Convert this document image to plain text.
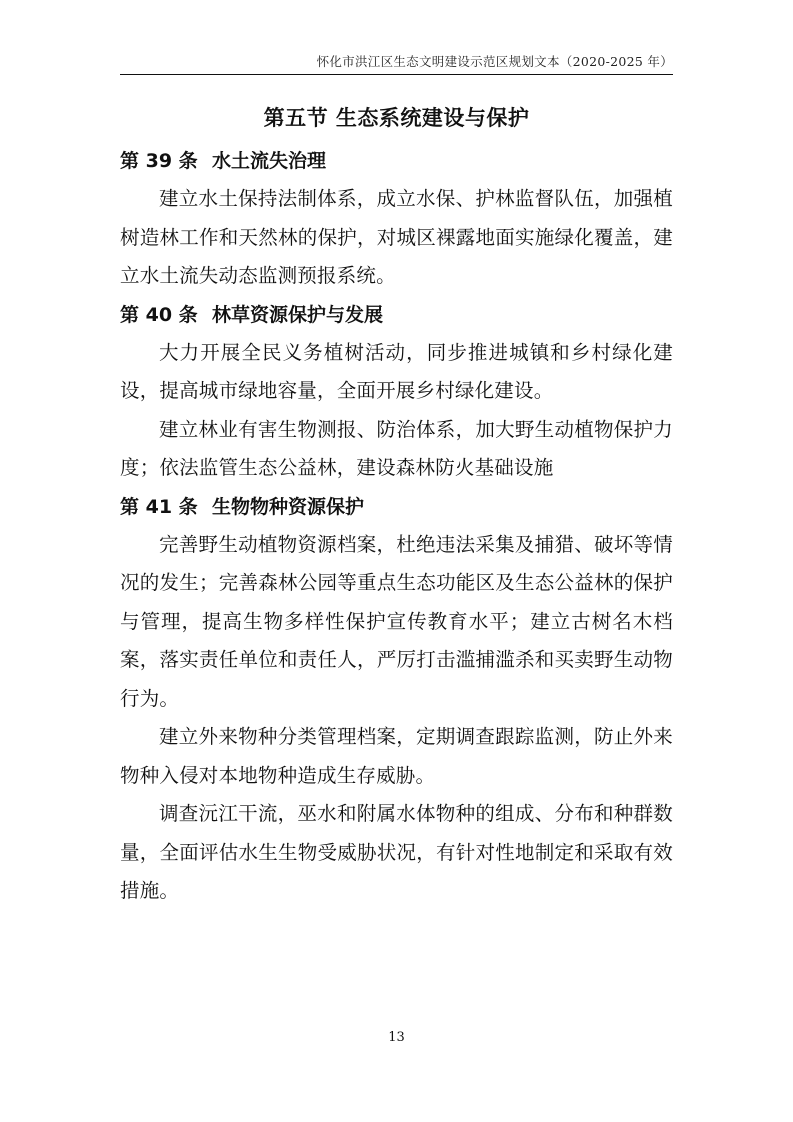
怀化市洪江区生态文明建设示范区规划文本（2020-2025 年）
第五节 生态系统建设与保护
第 39 条 水土流失治理

建立水土保持法制体系，成立水保、护林监督队伍，加强植树造林工作和天然林的保护，对城区裸露地面实施绿化覆盖，建立水土流失动态监测预报系统。

第 40 条 林草资源保护与发展

大力开展全民义务植树活动，同步推进城镇和乡村绿化建设，提高城市绿地容量，全面开展乡村绿化建设。

建立林业有害生物测报、防治体系，加大野生动植物保护力度；依法监管生态公益林，建设森林防火基础设施

第 41 条 生物物种资源保护

完善野生动植物资源档案，杜绝违法采集及捕猎、破坏等情况的发生；完善森林公园等重点生态功能区及生态公益林的保护与管理，提高生物多样性保护宣传教育水平；建立古树名木档案，落实责任单位和责任人，严厉打击滥捕滥杀和买卖野生动物行为。

建立外来物种分类管理档案，定期调查跟踪监测，防止外来物种入侵对本地物种造成生存威胁。

调查沅江干流，巫水和附属水体物种的组成、分布和种群数量，全面评估水生生物受威胁状况，有针对性地制定和采取有效措施。

13
